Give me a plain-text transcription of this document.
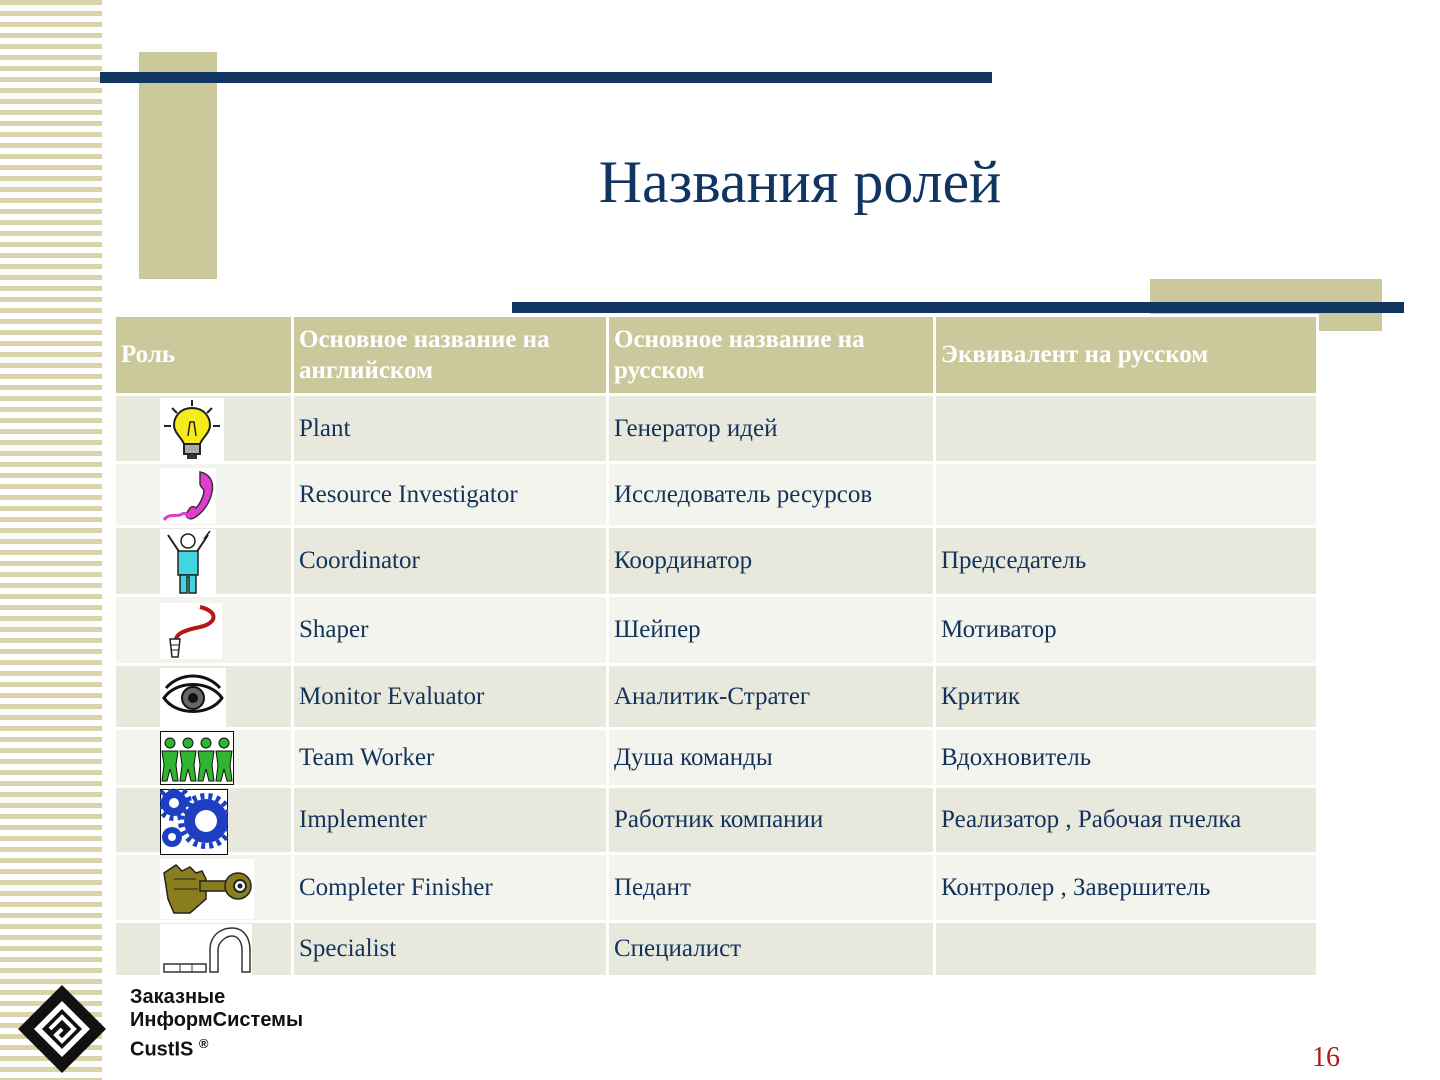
Названия ролей
Роль	Основное название на английском	Основное название на русском	Эквивалент на русском

	Plant	Генератор идей	

	Resource Investigator	Исследователь ресурсов	

	Coordinator	Координатор	Председатель

	Shaper	Шейпер	Мотиватор

	Monitor Evaluator	Аналитик-Стратег	Критик

	Team Worker	Душа команды	Вдохновитель

	Implementer	Работник компании	Реализатор , Рабочая пчелка

	Completer Finisher	Педант	Контролер , Завершитель

	Specialist	Специалист	
Заказные
ИнформСистемы
CustIS ®	16
